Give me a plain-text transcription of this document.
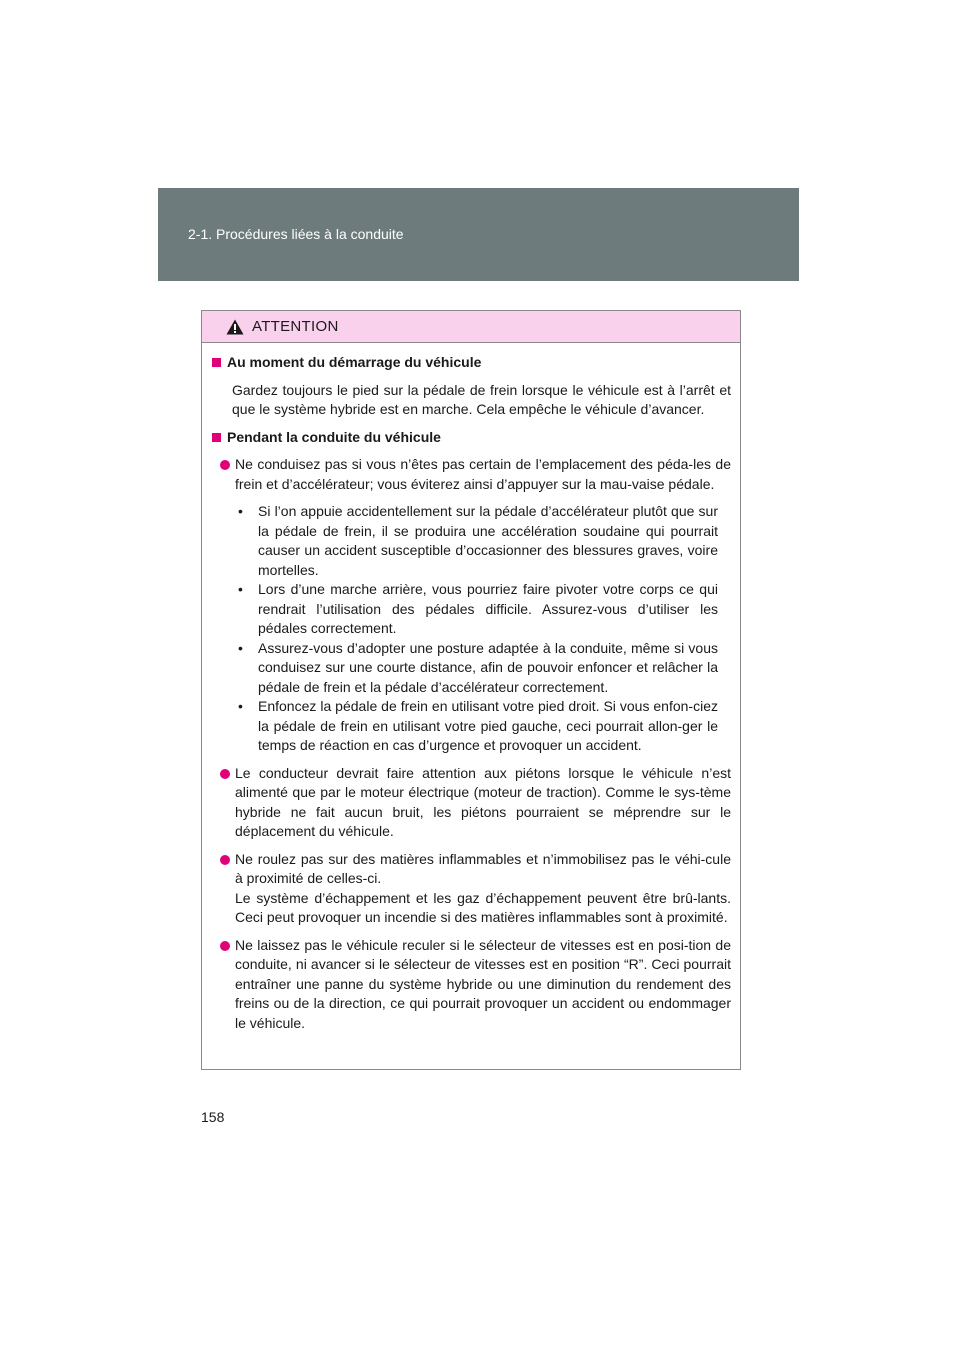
2-1. Procédures liées à la conduite
ATTENTION
Au moment du démarrage du véhicule
Gardez toujours le pied sur la pédale de frein lorsque le véhicule est à l’arrêt et que le système hybride est en marche. Cela empêche le véhicule d’avancer.
Pendant la conduite du véhicule

Ne conduisez pas si vous n’êtes pas certain de l’emplacement des péda-les de frein et d’accélérateur; vous éviterez ainsi d’appuyer sur la mau-vaise pédale.

•	Si l’on appuie accidentellement sur la pédale d’accélérateur plutôt que sur la pédale de frein, il se produira une accélération soudaine qui pourrait causer un accident susceptible d’occasionner des blessures graves, voire mortelles.
•	Lors d’une marche arrière, vous pourriez faire pivoter votre corps ce qui rendrait l’utilisation des pédales difficile. Assurez-vous d’utiliser les pédales correctement.
•	Assurez-vous d’adopter une posture adaptée à la conduite, même si vous conduisez sur une courte distance, afin de pouvoir enfoncer et relâcher la pédale de frein et la pédale d’accélérateur correctement.
•	Enfoncez la pédale de frein en utilisant votre pied droit. Si vous enfon-ciez la pédale de frein en utilisant votre pied gauche, ceci pourrait allon-ger le temps de réaction en cas d’urgence et provoquer un accident.

Le conducteur devrait faire attention aux piétons lorsque le véhicule n’est alimenté que par le moteur électrique (moteur de traction). Comme le sys-tème hybride ne fait aucun bruit, les piétons pourraient se méprendre sur le déplacement du véhicule.

Ne roulez pas sur des matières inflammables et n’immobilisez pas le véhi-cule à proximité de celles-ci.

Le système d’échappement et les gaz d’échappement peuvent être brû-lants. Ceci peut provoquer un incendie si des matières inflammables sont à proximité.

Ne laissez pas le véhicule reculer si le sélecteur de vitesses est en posi-tion de conduite, ni avancer si le sélecteur de vitesses est en position “R”. Ceci pourrait entraîner une panne du système hybride ou une diminution du rendement des freins ou de la direction, ce qui pourrait provoquer un accident ou endommager le véhicule.

158
